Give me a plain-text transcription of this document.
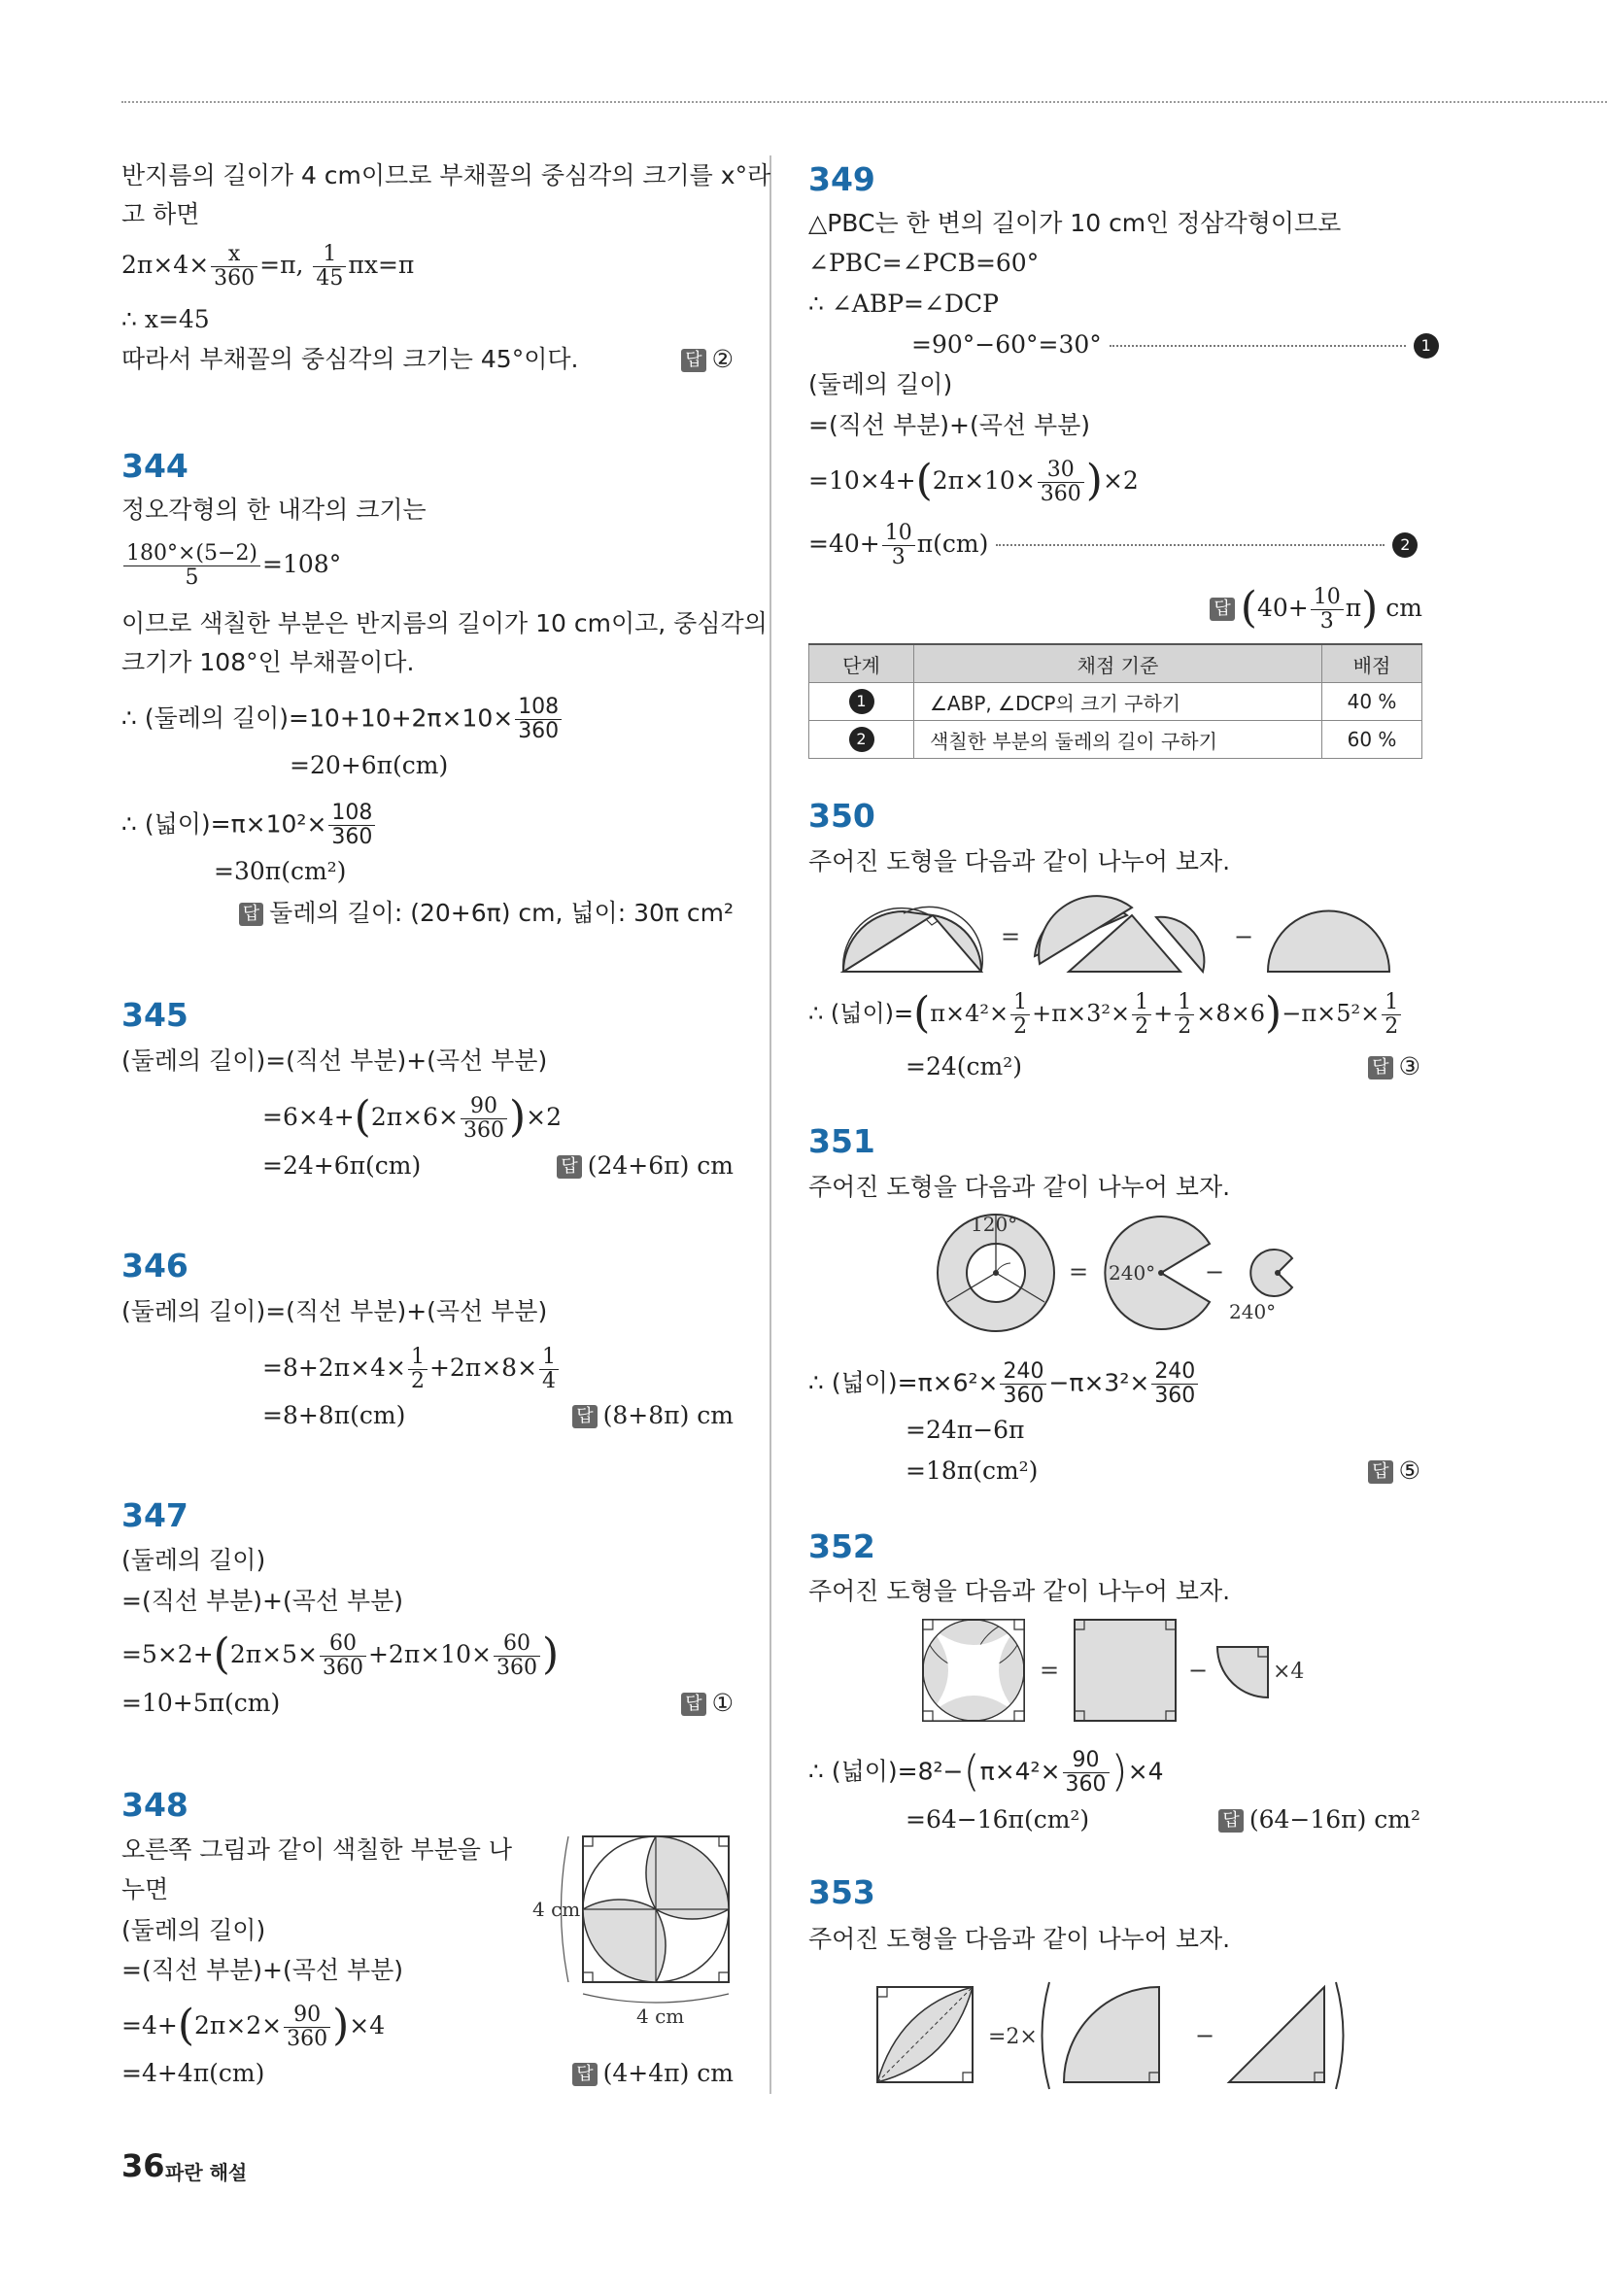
반지름의 길이가 4 cm이므로 부채꼴의 중심각의 크기를 x°라
고 하면
$2\pi\times 4\times \frac{x}{360} =\pi$, $\frac{1}{45} \pi x=\pi$
∴ x=45
따라서 부채꼴의 중심각의 크기는 45°이다.	답 ②
344
정오각형의 한 내각의 크기는
$\frac{180^\circ\times(5-2)}{5} =108^\circ$
이므로 색칠한 부분은 반지름의 길이가 10 cm이고, 중심각의
크기가 108°인 부채꼴이다.
∴ (둘레의 길이)$=10+10+2\pi\times 10\times \frac{108}{360}$
=20+6π(cm)
∴ (넓이)$=\pi\times 10^2\times \frac{108}{360}$
=30π(cm²)
답 둘레의 길이: (20+6π) cm, 넓이: 30π cm²
345
(둘레의 길이)=(직선 부분)+(곡선 부분)
$=6\times 4+(2\pi\times 6\times \frac{90}{360} )\times 2$
=24+6π(cm)	답 (24+6π) cm
346
(둘레의 길이)=(직선 부분)+(곡선 부분)
$=8+2\pi\times 4\times \frac{1}{2} +2\pi\times 8\times \frac{1}{4}$
=8+8π(cm)	답 (8+8π) cm
347
(둘레의 길이)
=(직선 부분)+(곡선 부분)
$=5\times 2+(2\pi\times 5\times \frac{60}{360} +2\pi\times 10\times \frac{60}{360}$ )
=10+5π(cm)	답 ①
348
오른쪽 그림과 같이 색칠한 부분을 나
누면
(둘레의 길이)
=(직선 부분)+(곡선 부분)
$=4+(2\pi\times 2\times \frac{90}{360} )\times 4$
=4+4π(cm)	답 (4+4π) cm
4 cm
4 cm
349
△PBC는 한 변의 길이가 10 cm인 정삼각형이므로
∠PBC=∠PCB=60°
∴ ∠ABP=∠DCP
=90°−60°=30°	1
(둘레의 길이)
=(직선 부분)+(곡선 부분)
$=10\times 4+(2\pi\times 10\times \frac{30}{360} )\times 2$
$=40+ \frac{10}{3} \pi(cm)$	2
답 $(40+ \frac{10}{3} \pi)$ cm
단계	채점 기준	배점
1	∠ABP, ∠DCP의 크기 구하기	40 %
2	색칠한 부분의 둘레의 길이 구하기	60 %
350
주어진 도형을 다음과 같이 나누어 보자.
∴ (넓이)$=(\pi\times 4^2\times \frac{1}{2} +\pi\times 3^2\times \frac{1}{2} + \frac{1}{2} \times 8\times 6)-\pi\times 5^2\times \frac{1}{2}$
=24(cm²)	답 ③
351
주어진 도형을 다음과 같이 나누어 보자.
∴ (넓이)$=\pi\times 6^2\times \frac{240}{360} -\pi\times 3^2\times \frac{240}{360}$
=24π−6π
=18π(cm²)	답 ⑤
352
주어진 도형을 다음과 같이 나누어 보자.
∴ (넓이)$=8^2-(\pi\times 4^2\times \frac{90}{360} )\times 4$
=64−16π(cm²)	답 (64−16π) cm²
353
주어진 도형을 다음과 같이 나누어 보자.
=	−
120°
= 240° −
240°
=	−	×4
=2×	−
36 파란 해설
